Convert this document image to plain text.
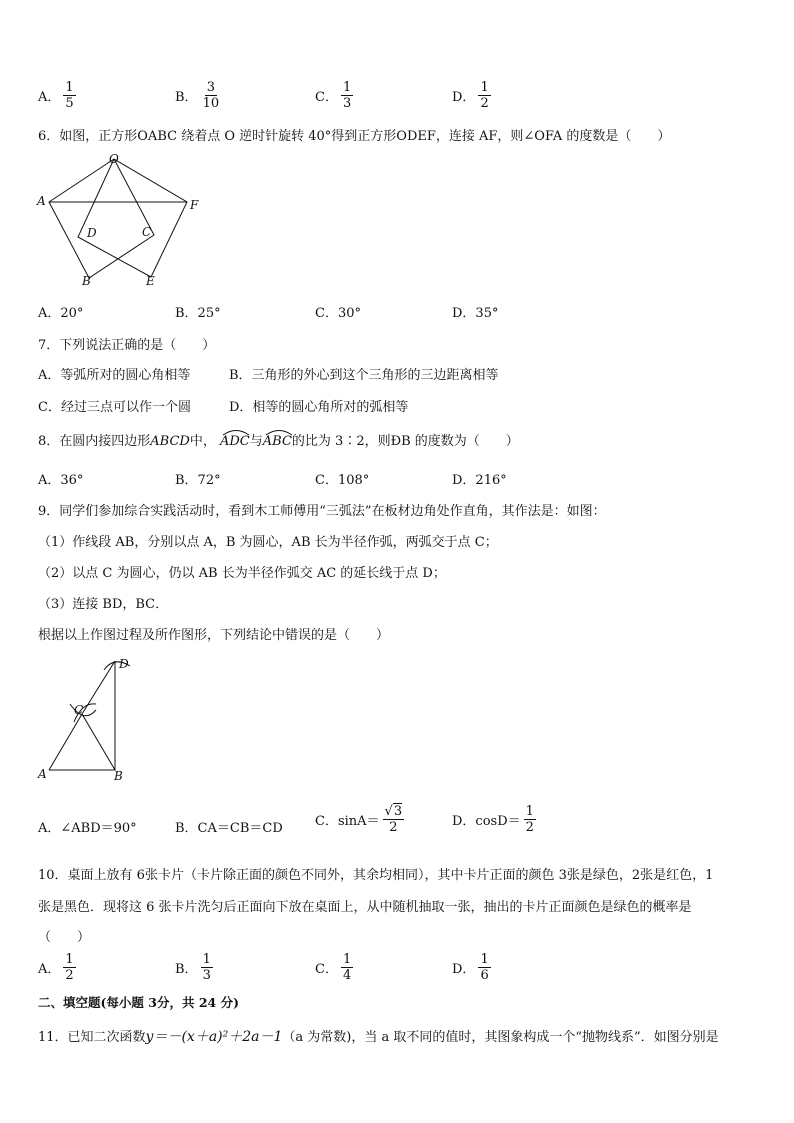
A． $\frac{1}{5}$	B． $\frac{3}{10}$	C． $\frac{1}{3}$	D． $\frac{1}{2}$
6．如图，正方形OABC 绕着点 O 逆时针旋转 40°得到正方形ODEF，连接 AF，则∠OFA 的度数是（　　）
O
A	F
D	C
B	E
A．20°	B．25°	C．30°	D．35°
7．下列说法正确的是（　　）
A．等弧所对的圆心角相等	B．三角形的外心到这个三角形的三边距离相等
C．经过三点可以作一个圆	D．相等的圆心角所对的弧相等
8．在圆内接四边形ABCD中， ADC与
ABC的比为 3∶2，则ÐB 的度数为（　　）
A．36°	B．72°	C．108°	D．216°
9．同学们参加综合实践活动时，看到木工师傅用“三弧法”在板材边角处作直角，其作法是：如图：
（1）作线段 AB，分别以点 A，B 为圆心，AB 长为半径作弧，两弧交于点 C；
（2）以点 C 为圆心，仍以 AB 长为半径作弧交 AC 的延长线于点 D；
（3）连接 BD，BC．
根据以上作图过程及所作图形，下列结论中错误的是（　　）
D
C
A	B
A．∠ABD＝90°	B．CA＝CB＝CD C．$\sin A= \frac{√3}{2}$	D．$\cos D= \frac{1}{2}$
10．桌面上放有 6张卡片（卡片除正面的颜色不同外，其余均相同），其中卡片正面的颜色 3张是绿色，2张是红色，1
张是黑色．现将这 6 张卡片洗匀后正面向下放在桌面上，从中随机抽取一张，抽出的卡片正面颜色是绿色的概率是
（　　）
A． $\frac{1}{2}$	B． $\frac{1}{3}$	C． $\frac{1}{4}$	D． $\frac{1}{6}$
二、填空题(每小题 3分，共 24 分)
11．已知二次函数y＝－(x＋a)²＋2a－1（a 为常数)，当 a 取不同的值时，其图象构成一个“抛物线系”．如图分别是
